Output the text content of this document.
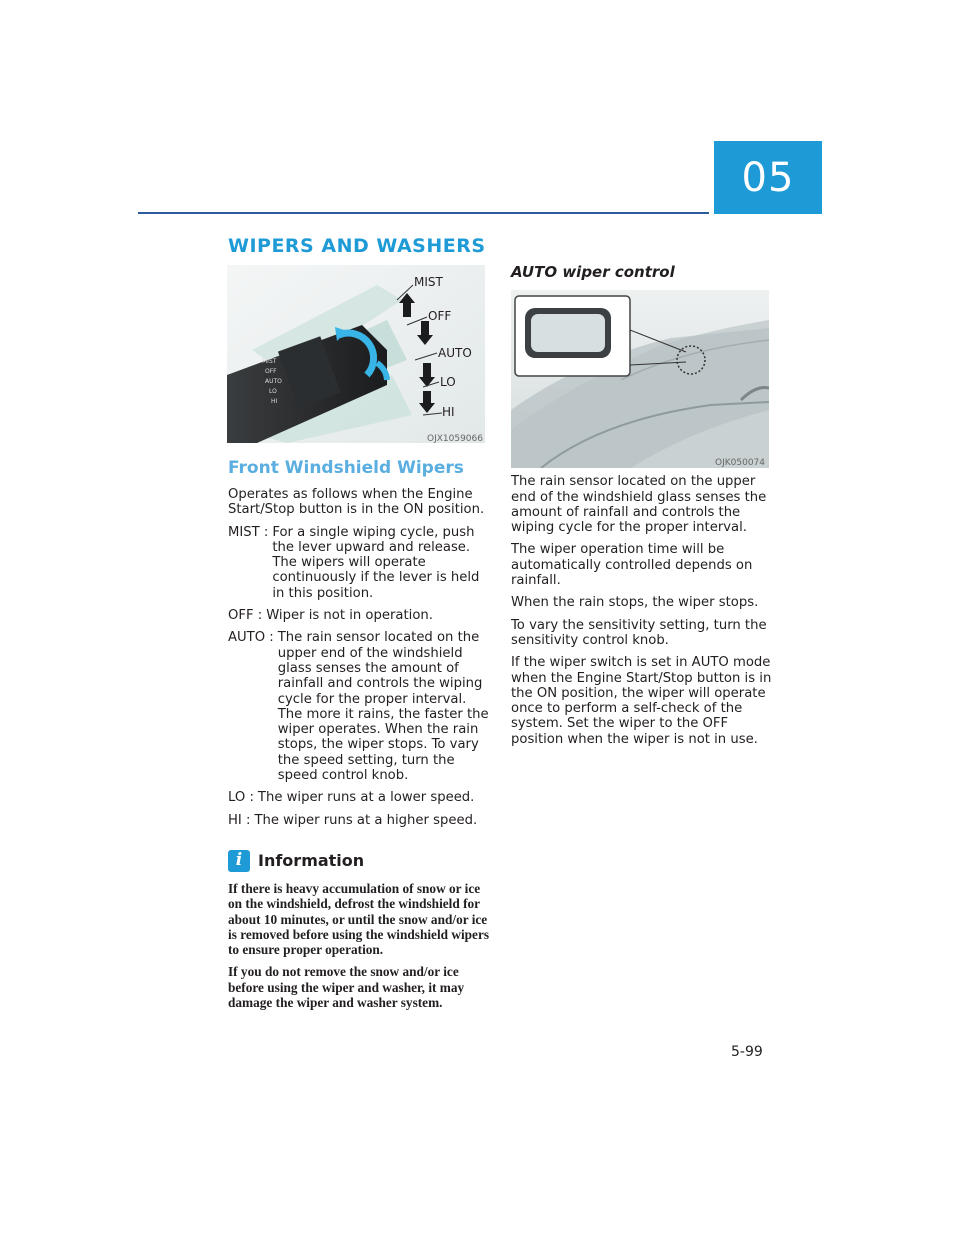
05
WIPERS AND WASHERS
MIST
OFF
AUTO
LO
HI
MIST
OFF
AUTO
LO
HI
OJX1059066
Front Windshield Wipers

Operates as follows when the Engine Start/Stop button is in the ON position.

MIST : For a single wiping cycle, push the lever upward and release. The wipers will operate continuously if the lever is held in this position.
OFF : Wiper is not in operation.
AUTO : The rain sensor located on the upper end of the windshield glass senses the amount of rainfall and controls the wiping cycle for the proper interval. The more it rains, the faster the wiper operates. When the rain stops, the wiper stops. To vary the speed setting, turn the speed control knob.
LO : The wiper runs at a lower speed.
HI : The wiper runs at a higher speed.
i Information

If there is heavy accumulation of snow or ice on the windshield, defrost the windshield for about 10 minutes, or until the snow and/or ice is removed before using the windshield wipers to ensure proper operation.

If you do not remove the snow and/or ice before using the wiper and washer, it may damage the wiper and washer system.

AUTO wiper control
OJK050074

The rain sensor located on the upper end of the windshield glass senses the amount of rainfall and controls the wiping cycle for the proper interval.

The wiper operation time will be automatically controlled depends on rainfall.

When the rain stops, the wiper stops.

To vary the sensitivity setting, turn the sensitivity control knob.

If the wiper switch is set in AUTO mode when the Engine Start/Stop button is in the ON position, the wiper will operate once to perform a self-check of the system. Set the wiper to the OFF position when the wiper is not in use.

5-99
